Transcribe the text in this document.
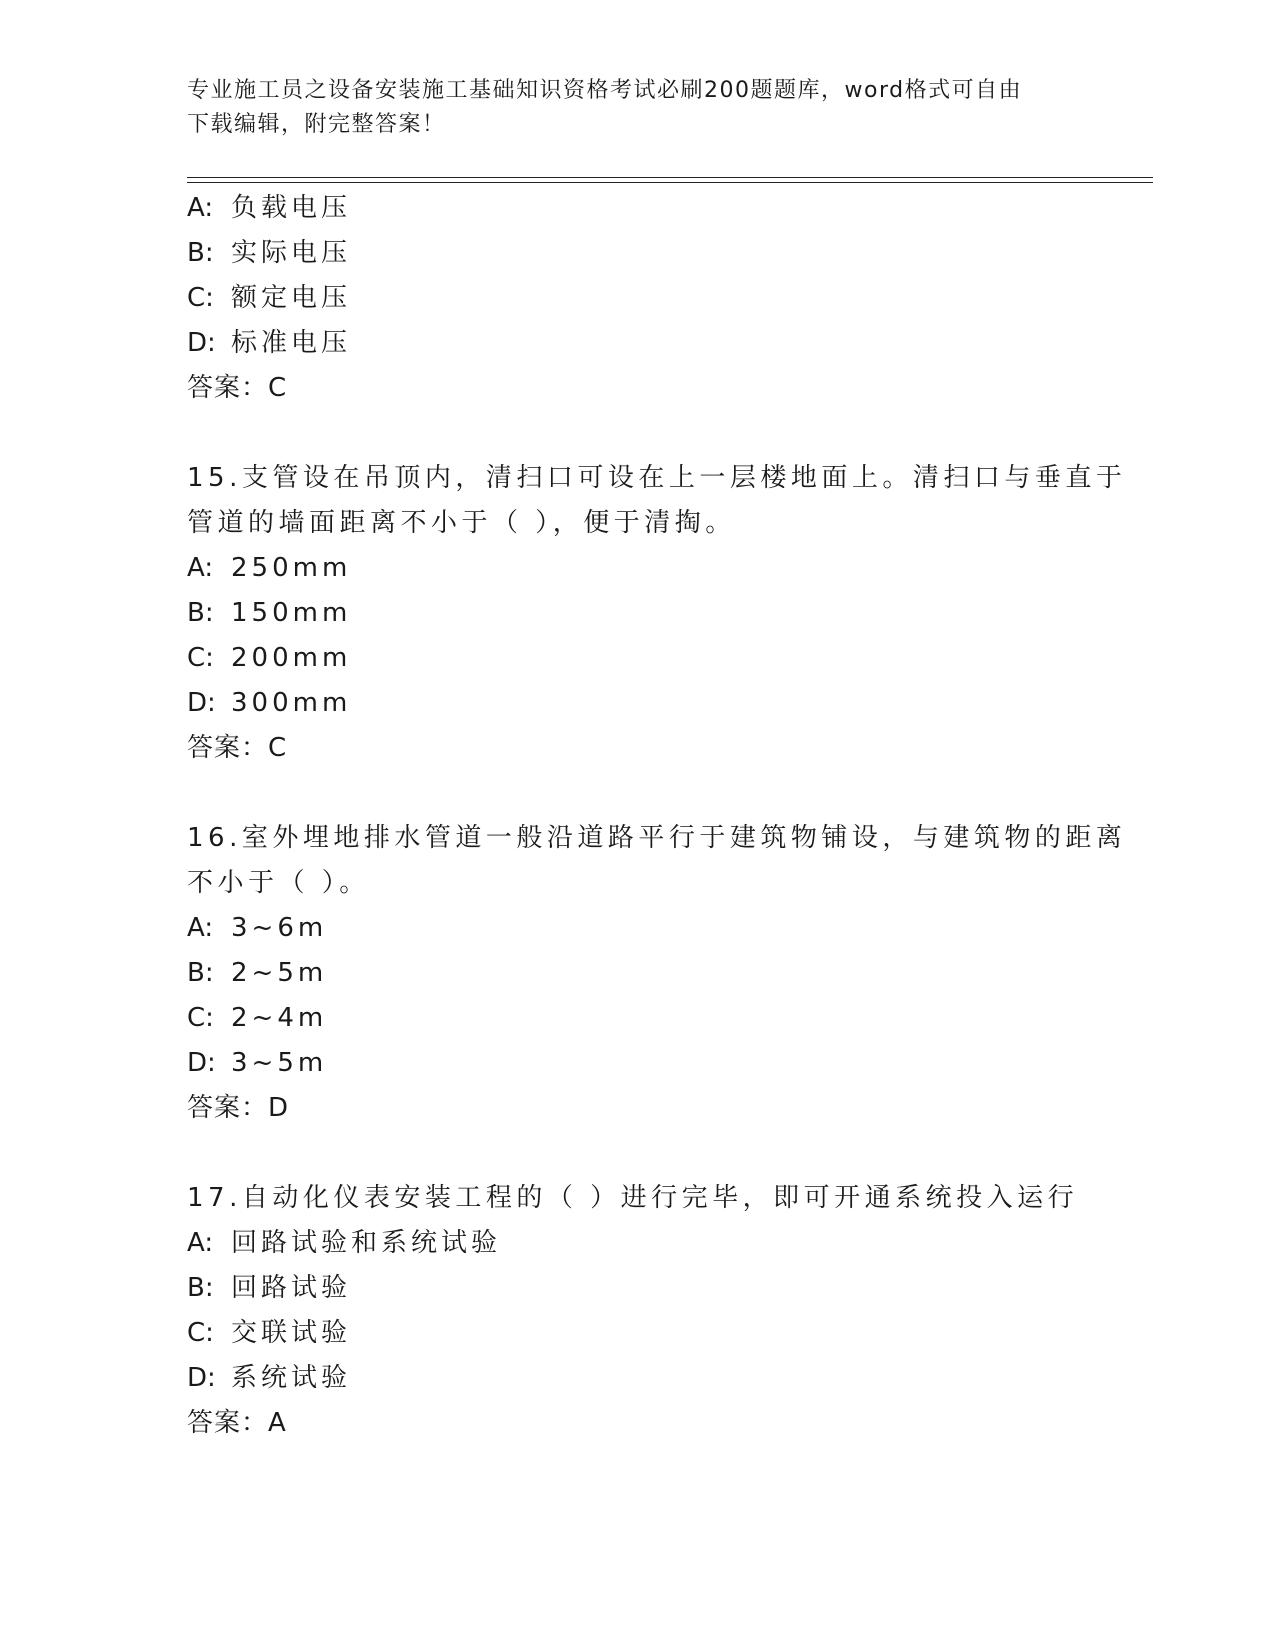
专业施工员之设备安装施工基础知识资格考试必刷200题题库，word格式可自由
下载编辑，附完整答案！
A: 负载电压
B: 实际电压
C: 额定电压
D: 标准电压
答案：C
15.支管设在吊顶内，清扫口可设在上一层楼地面上。清扫口与垂直于
管道的墙面距离不小于（ ），便于清掏。
A: 250mm
B: 150mm
C: 200mm
D: 300mm
答案：C
16.室外埋地排水管道一般沿道路平行于建筑物铺设，与建筑物的距离
不小于（ ）。
A: 3~6m
B: 2~5m
C: 2~4m
D: 3~5m
答案：D
17.自动化仪表安装工程的（ ）进行完毕，即可开通系统投入运行
A: 回路试验和系统试验
B: 回路试验
C: 交联试验
D: 系统试验
答案：A
